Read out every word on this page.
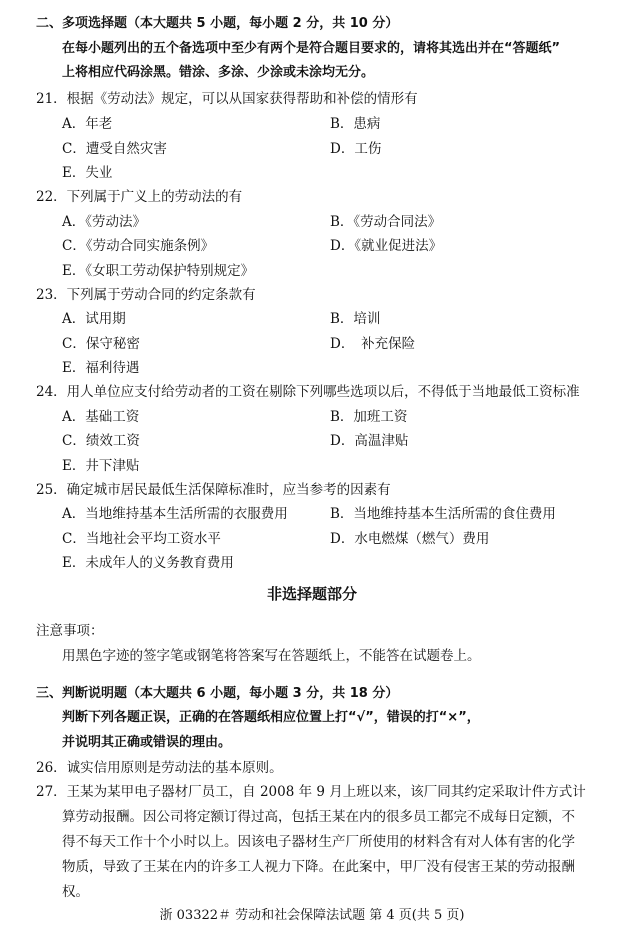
二、多项选择题（本大题共 5 小题，每小题 2 分，共 10 分）
在每小题列出的五个备选项中至少有两个是符合题目要求的，请将其选出并在“答题纸”
上将相应代码涂黑。错涂、多涂、少涂或未涂均无分。
21．根据《劳动法》规定，可以从国家获得帮助和补偿的情形有
A．年老	B．患病
C．遭受自然灾害	D．工伤
E．失业
22．下列属于广义上的劳动法的有
A．《劳动法》	B．《劳动合同法》
C．《劳动合同实施条例》	D．《就业促进法》
E．《女职工劳动保护特别规定》
23．下列属于劳动合同的约定条款有
A．试用期	B．培训
C．保守秘密	D．　补充保险
E．福利待遇
24．用人单位应支付给劳动者的工资在剔除下列哪些选项以后，不得低于当地最低工资标准
A．基础工资	B．加班工资
C．绩效工资	D．高温津贴
E．井下津贴
25．确定城市居民最低生活保障标准时，应当参考的因素有
A．当地维持基本生活所需的衣服费用	B．当地维持基本生活所需的食住费用
C．当地社会平均工资水平	D．水电燃煤（燃气）费用
E．未成年人的义务教育费用
非选择题部分
注意事项：
用黑色字迹的签字笔或钢笔将答案写在答题纸上，不能答在试题卷上。
三、判断说明题（本大题共 6 小题，每小题 3 分，共 18 分）
判断下列各题正误，正确的在答题纸相应位置上打“√”，错误的打“×”，
并说明其正确或错误的理由。
26．诚实信用原则是劳动法的基本原则。
27．王某为某甲电子器材厂员工，自 2008 年 9 月上班以来，该厂同其约定采取计件方式计
算劳动报酬。因公司将定额订得过高，包括王某在内的很多员工都完不成每日定额，不
得不每天工作十个小时以上。因该电子器材生产厂所使用的材料含有对人体有害的化学
物质，导致了王某在内的许多工人视力下降。在此案中，甲厂没有侵害王某的劳动报酬
权。
浙 03322＃ 劳动和社会保障法试题 第 4 页(共 5 页)
